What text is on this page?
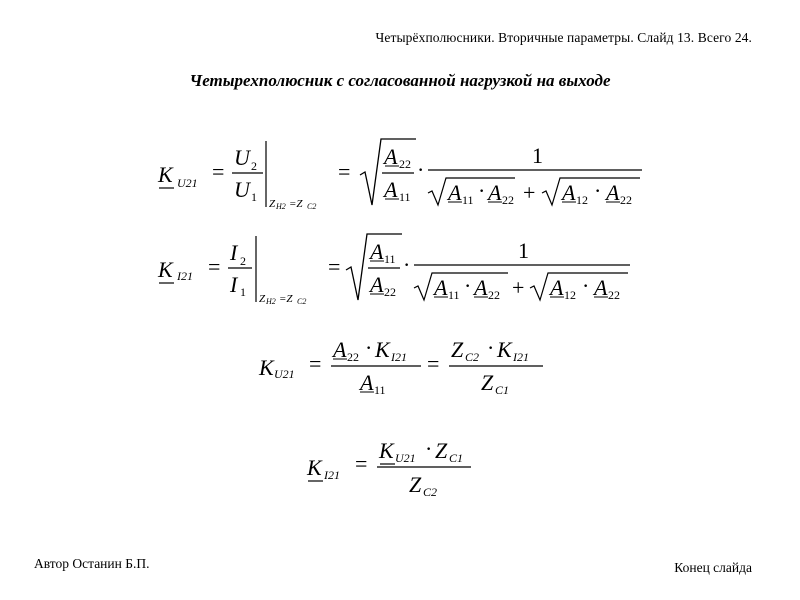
Четырёхполюсники. Вторичные параметры. Слайд 13. Всего 24.
Четырехполюсник с согласованной нагрузкой на выходе
K U21 =
U 2
U 1 Z H2 =Z C2
=
A 22
A 11
·
1
A 11 · A 22 + A 12 · A 22
K I21 =
I 2
I 1 Z H2 =Z C2
=
A 11
A 22
·
1
A 11 · A 22 + A 12 · A 22
K U21 =
A 22 · K I21
A 11
=
Z C2 · K I21
Z C1
K I21 =
K U21 · Z C1
Z C2
Автор Останин Б.П.	Конец слайда
